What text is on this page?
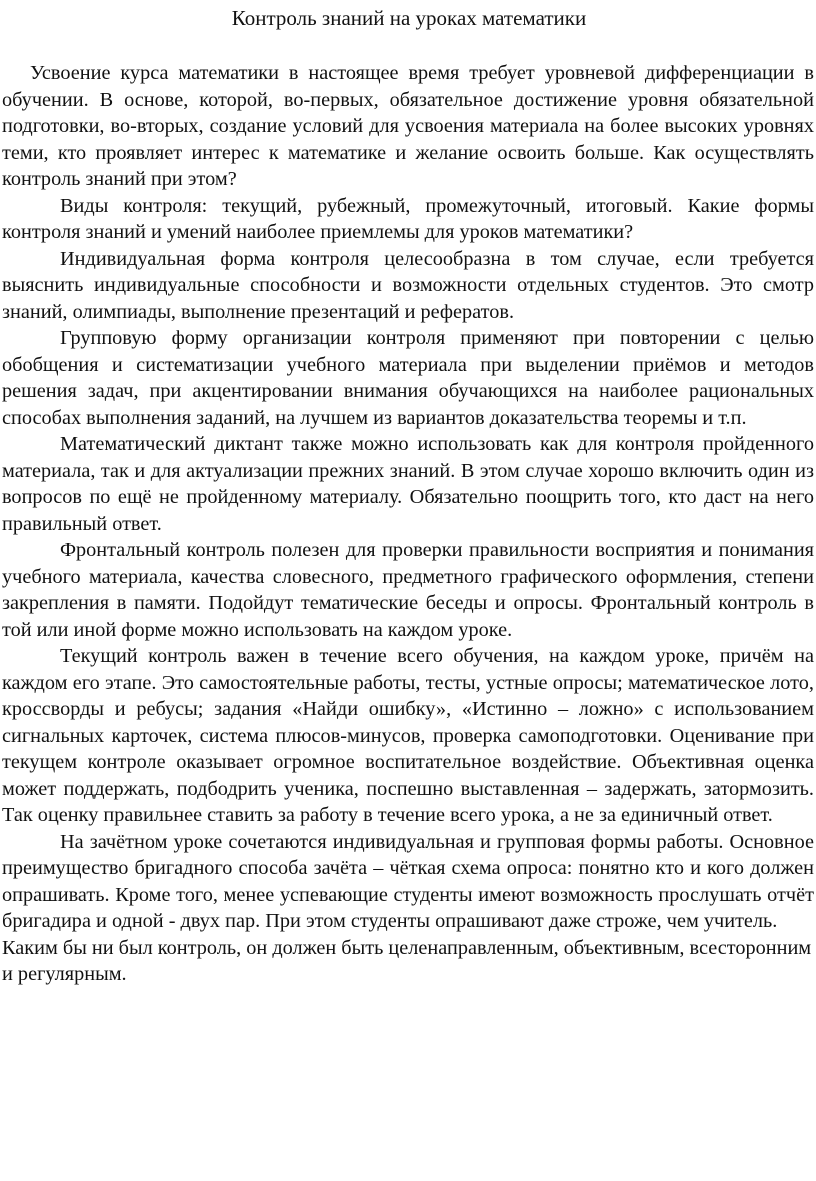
Контроль знаний на уроках математики

Усвоение курса математики в настоящее время требует уровневой дифференциации в обучении. В основе, которой, во-первых, обязательное достижение уровня обязательной подготовки, во-вторых, создание условий для усвоения материала на более высоких уровнях теми, кто проявляет интерес к математике и желание освоить больше. Как осуществлять контроль знаний при этом?

Виды контроля: текущий, рубежный, промежуточный, итоговый. Какие формы контроля знаний и умений наиболее приемлемы для уроков математики?

Индивидуальная форма контроля целесообразна в том случае, если требуется выяснить индивидуальные способности и возможности отдельных студентов. Это смотр знаний, олимпиады, выполнение презентаций и рефератов.

Групповую форму организации контроля применяют при повторении с целью обобщения и систематизации учебного материала при выделении приёмов и методов решения задач, при акцентировании внимания обучающихся на наиболее рациональных способах выполнения заданий, на лучшем из вариантов доказательства теоремы и т.п.

Математический диктант также можно использовать как для контроля пройденного материала, так и для актуализации прежних знаний. В этом случае хорошо включить один из вопросов по ещё не пройденному материалу. Обязательно поощрить того, кто даст на него правильный ответ.

Фронтальный контроль полезен для проверки правильности восприятия и понимания учебного материала, качества словесного, предметного графического оформления, степени закрепления в памяти. Подойдут тематические беседы и опросы. Фронтальный контроль в той или иной форме можно использовать на каждом уроке.

Текущий контроль важен в течение всего обучения, на каждом уроке, причём на каждом его этапе. Это самостоятельные работы, тесты, устные опросы; математическое лото, кроссворды и ребусы; задания «Найди ошибку», «Истинно – ложно» с использованием сигнальных карточек, система плюсов-минусов, проверка самоподготовки. Оценивание при текущем контроле оказывает огромное воспитательное воздействие. Объективная оценка может поддержать, подбодрить ученика, поспешно выставленная – задержать, затормозить. Так оценку правильнее ставить за работу в течение всего урока, а не за единичный ответ.

На зачётном уроке сочетаются индивидуальная и групповая формы работы. Основное преимущество бригадного способа зачёта – чёткая схема опроса: понятно кто и кого должен опрашивать. Кроме того, менее успевающие студенты имеют возможность прослушать отчёт бригадира и одной - двух пар. При этом студенты опрашивают даже строже, чем учитель.

Каким бы ни был контроль, он должен быть целенаправленным, объективным, всесторонним и регулярным.
